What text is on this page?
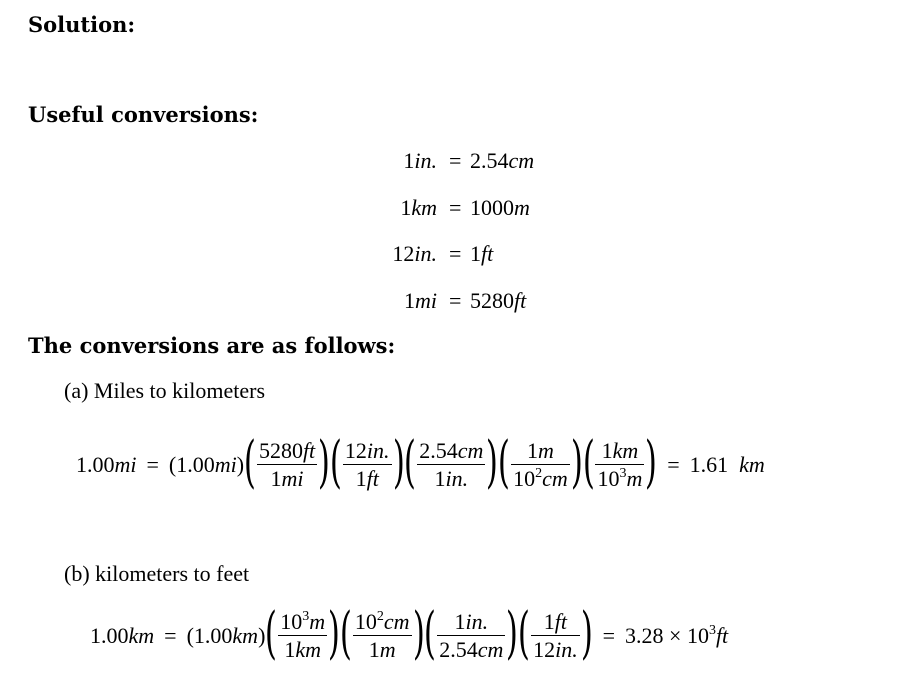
Solution:
Useful conversions:
1in. = 2.54cm
1km = 1000m
12in. = 1ft
1mi = 5280ft
The conversions are as follows:
(a) Miles to kilometers
1.00mi = (1.00mi) ( $\frac{5280ft}{1mi}$ ) ( $\frac{12in.}{1ft}$ ) ( $\frac{2.54cm}{1in.}$ ) ( $\frac{1m}{10^2cm}$ ) ( $\frac{1km}{10^3m}$ ) = 1.61 km
(b) kilometers to feet
1.00km = (1.00km) ( $\frac{10^3m}{1km}$ ) ( $\frac{10^2cm}{1m}$ ) ( $\frac{1in.}{2.54cm}$ ) ( $\frac{1ft}{12in.}$ ) = $3.28 \times 10^3ft$
